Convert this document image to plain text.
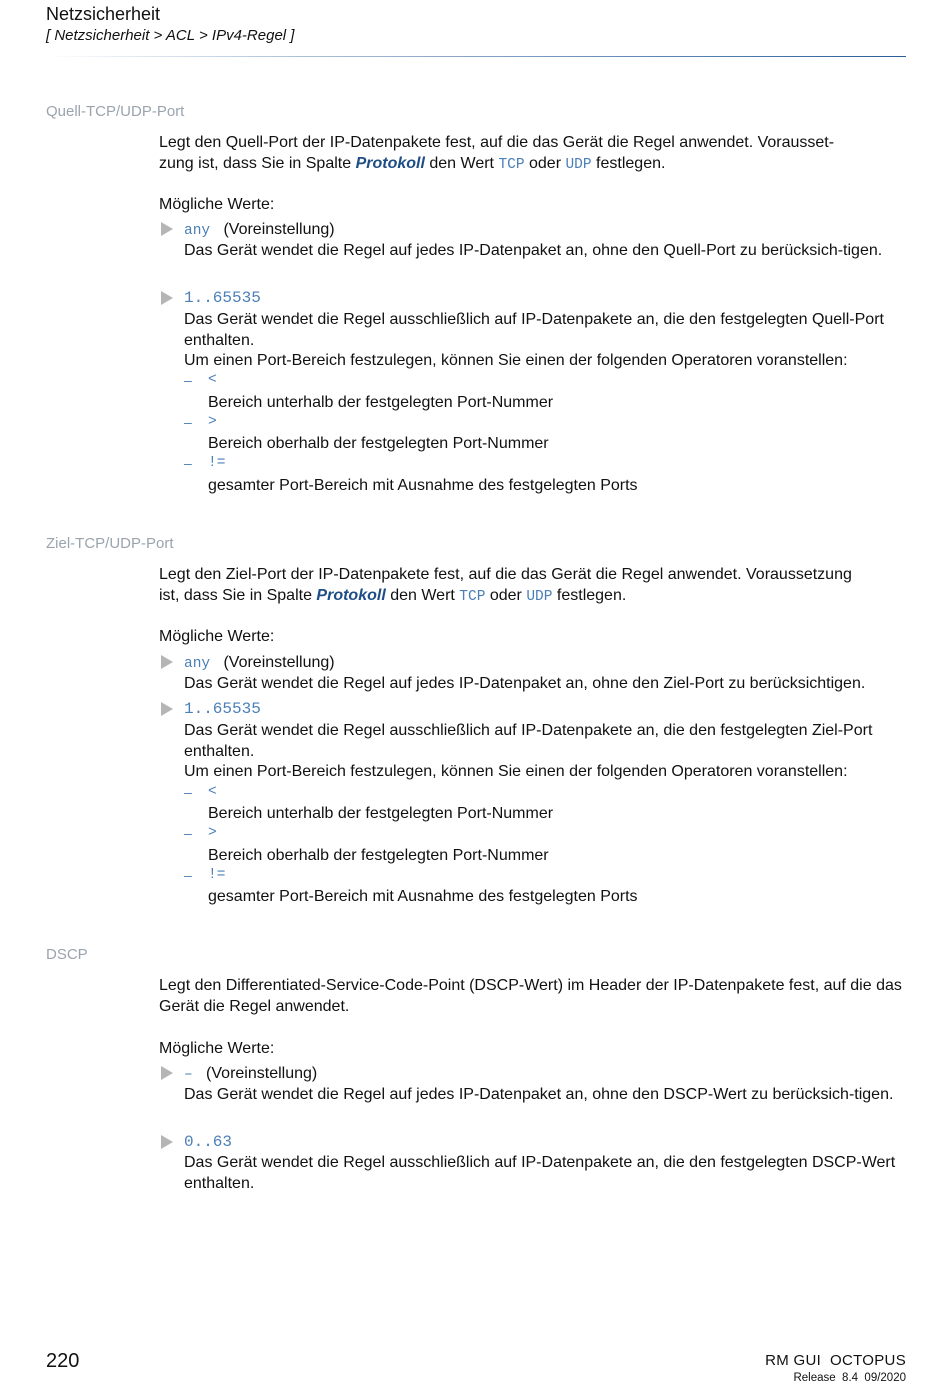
Netzsicherheit
[ Netzsicherheit > ACL > IPv4-Regel ]
Quell-TCP/UDP-Port

Legt den Quell-Port der IP-Datenpakete fest, auf die das Gerät die Regel anwendet. Vorausset-
zung ist, dass Sie in Spalte Protokoll den Wert TCP oder UDP festlegen.

Mögliche Werte:

any (Voreinstellung)

Das Gerät wendet die Regel auf jedes IP-Datenpaket an, ohne den Quell-Port zu berücksich-tigen.

1..65535

Das Gerät wendet die Regel ausschließlich auf IP-Datenpakete an, die den festgelegten Quell-Port enthalten.

Um einen Port-Bereich festzulegen, können Sie einen der folgenden Operatoren voranstellen:

– <
Bereich unterhalb der festgelegten Port-Nummer
– >
Bereich oberhalb der festgelegten Port-Nummer
– !=
gesamter Port-Bereich mit Ausnahme des festgelegten Ports
Ziel-TCP/UDP-Port

Legt den Ziel-Port der IP-Datenpakete fest, auf die das Gerät die Regel anwendet. Voraussetzung
ist, dass Sie in Spalte Protokoll den Wert TCP oder UDP festlegen.

Mögliche Werte:

any (Voreinstellung)

Das Gerät wendet die Regel auf jedes IP-Datenpaket an, ohne den Ziel-Port zu berücksichtigen.

1..65535

Das Gerät wendet die Regel ausschließlich auf IP-Datenpakete an, die den festgelegten Ziel-Port enthalten.

Um einen Port-Bereich festzulegen, können Sie einen der folgenden Operatoren voranstellen:

– <
Bereich unterhalb der festgelegten Port-Nummer
– >
Bereich oberhalb der festgelegten Port-Nummer
– !=
gesamter Port-Bereich mit Ausnahme des festgelegten Ports
DSCP

Legt den Differentiated-Service-Code-Point (DSCP-Wert) im Header der IP-Datenpakete fest, auf die das Gerät die Regel anwendet.

Mögliche Werte:

– (Voreinstellung)

Das Gerät wendet die Regel auf jedes IP-Datenpaket an, ohne den DSCP-Wert zu berücksich-tigen.

0..63

Das Gerät wendet die Regel ausschließlich auf IP-Datenpakete an, die den festgelegten DSCP-Wert enthalten.

220	RM GUI  OCTOPUS
Release  8.4  09/2020
